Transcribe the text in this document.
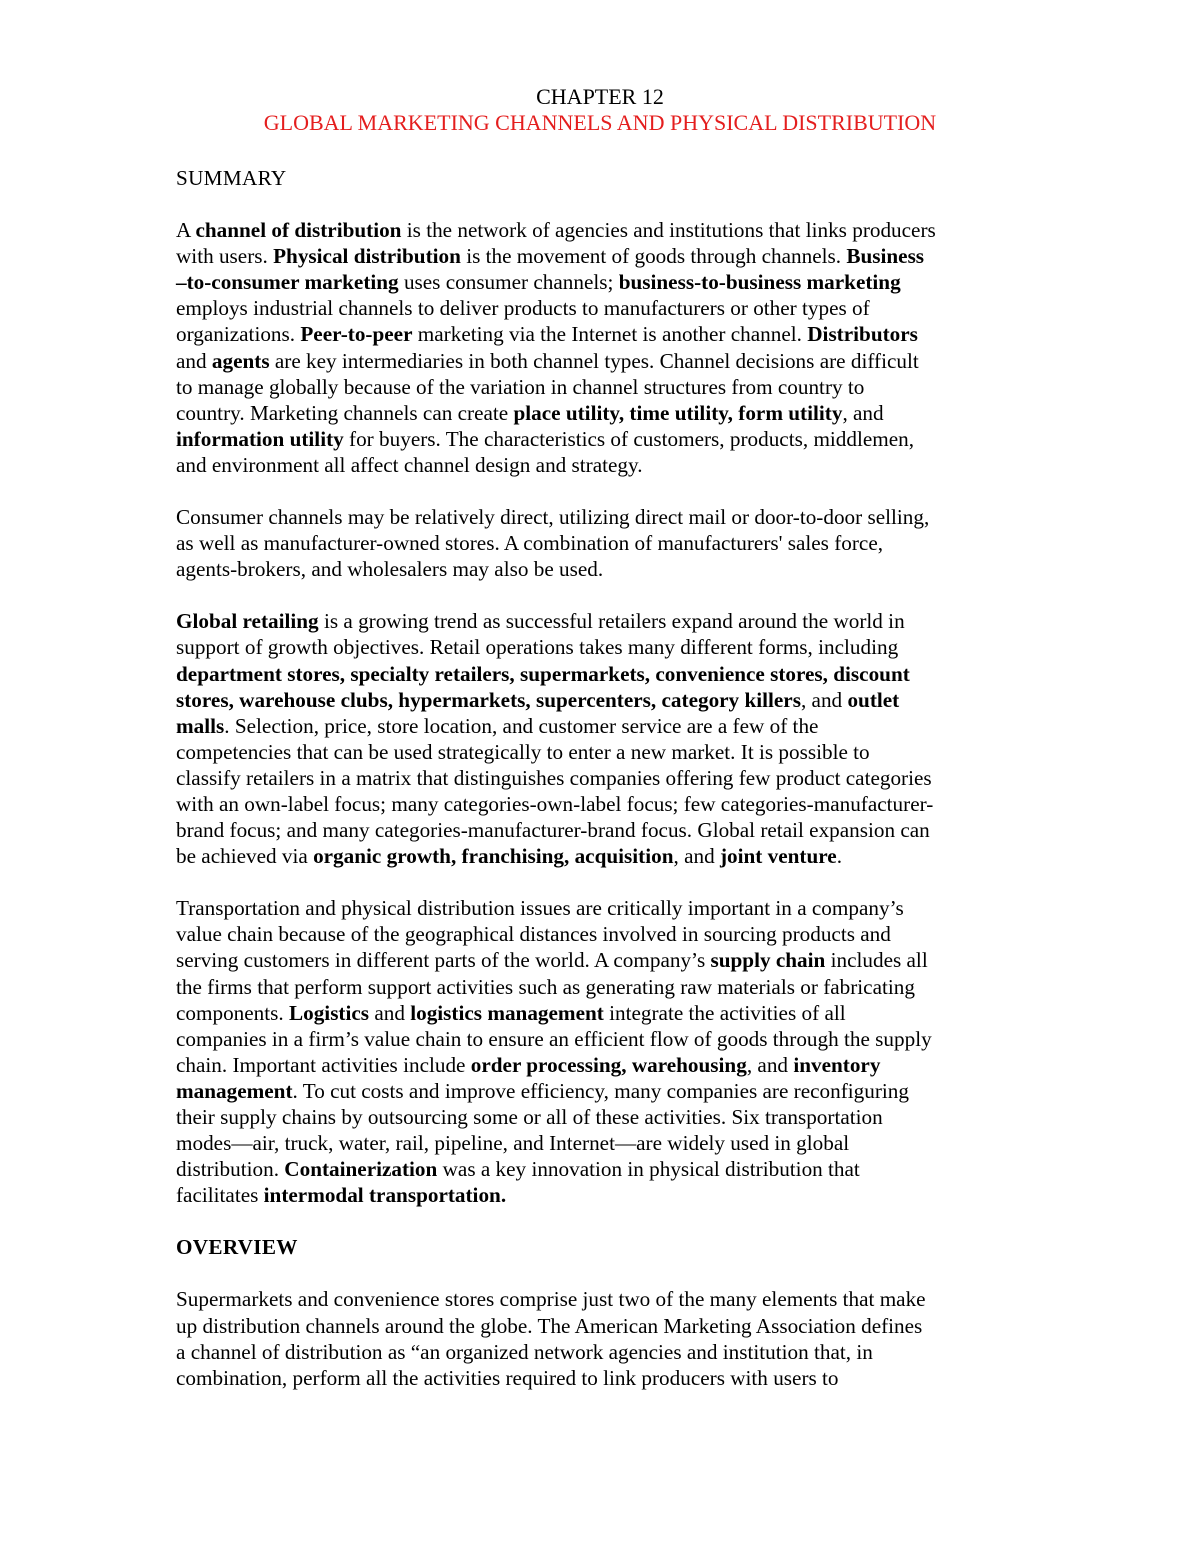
CHAPTER 12
GLOBAL MARKETING CHANNELS AND PHYSICAL DISTRIBUTION
SUMMARY
A channel of distribution is the network of agencies and institutions that links producers
with users. Physical distribution is the movement of goods through channels. Business
–to-consumer marketing uses consumer channels; business-to-business marketing
employs industrial channels to deliver products to manufacturers or other types of
organizations. Peer-to-peer marketing via the Internet is another channel. Distributors
and agents are key intermediaries in both channel types. Channel decisions are difficult
to manage globally because of the variation in channel structures from country to
country. Marketing channels can create place utility, time utility, form utility, and
information utility for buyers. The characteristics of customers, products, middlemen,
and environment all affect channel design and strategy.
Consumer channels may be relatively direct, utilizing direct mail or door-to-door selling,
as well as manufacturer-owned stores. A combination of manufacturers' sales force,
agents-brokers, and wholesalers may also be used.
Global retailing is a growing trend as successful retailers expand around the world in
support of growth objectives. Retail operations takes many different forms, including
department stores, specialty retailers, supermarkets, convenience stores, discount
stores, warehouse clubs, hypermarkets, supercenters, category killers, and outlet
malls. Selection, price, store location, and customer service are a few of the
competencies that can be used strategically to enter a new market. It is possible to
classify retailers in a matrix that distinguishes companies offering few product categories
with an own-label focus; many categories-own-label focus; few categories-manufacturer-
brand focus; and many categories-manufacturer-brand focus. Global retail expansion can
be achieved via organic growth, franchising, acquisition, and joint venture.
Transportation and physical distribution issues are critically important in a company’s
value chain because of the geographical distances involved in sourcing products and
serving customers in different parts of the world. A company’s supply chain includes all
the firms that perform support activities such as generating raw materials or fabricating
components. Logistics and logistics management integrate the activities of all
companies in a firm’s value chain to ensure an efficient flow of goods through the supply
chain. Important activities include order processing, warehousing, and inventory
management. To cut costs and improve efficiency, many companies are reconfiguring
their supply chains by outsourcing some or all of these activities. Six transportation
modes—air, truck, water, rail, pipeline, and Internet—are widely used in global
distribution. Containerization was a key innovation in physical distribution that
facilitates intermodal transportation.
OVERVIEW
Supermarkets and convenience stores comprise just two of the many elements that make
up distribution channels around the globe. The American Marketing Association defines
a channel of distribution as “an organized network agencies and institution that, in
combination, perform all the activities required to link producers with users to
